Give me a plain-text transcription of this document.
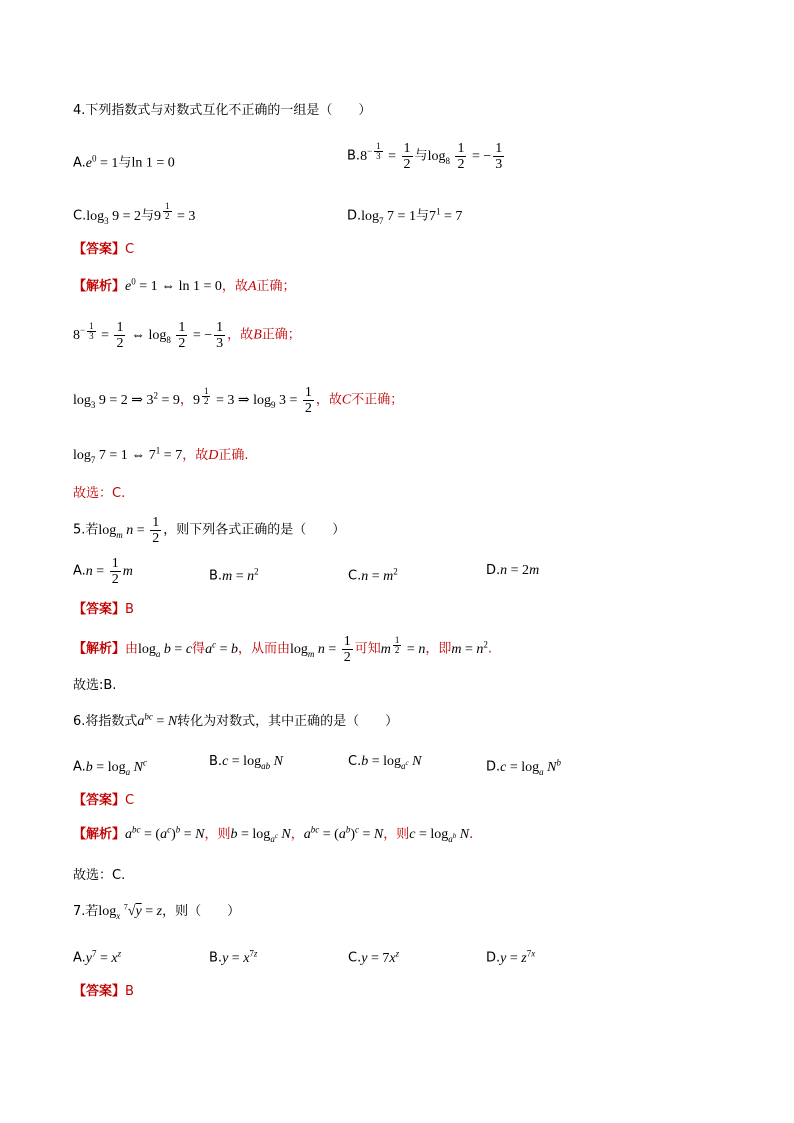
4.下列指数式与对数式互化不正确的一组是（　　）
$A.e^0 = 1$与ln 1 = 0	$B.8^{- \frac{1}{3}} = \frac{1}{2}$ 与$\log_8 \frac{1}{2}$ = − $\frac{1}{3}$
$C.\log_3$ 9 = 2与9 $^{\frac{1}{2}}$ = 3	$D.\log_7$ 7 = 1与$7^1 = 7$
【答案】C
【解析】$e^0 = 1$ ⇔ ln 1 = 0，故A正确；
$8^{- \frac{1}{3}} = \frac{1}{2}$ ⇔ $\log_8 \frac{1}{2}$ = − $\frac{1}{3}$ ，故B正确；
$\log_3 9 = 2$ ⇒ $3^2 = 9$，9 $^{\frac{1}{2}}$ = 3 ⇒ $\log_9 3 = \frac{1}{2}$ ，故C不正确；
$\log_7 7 = 1$ ⇔ $7^1 = 7$，故D正确.
故选：C.
5.若$\log_m n = \frac{1}{2}$ ，则下列各式正确的是（　　）
$A.n = \frac{1}{2}$ m	$B.m = n^2$	$C.n = m^2$	D.n = 2m
【答案】B
【解析】由$\log_a b = c$得$a^c = b$，从而由$\log_m n = \frac{1}{2}$ 可知m $^{\frac{1}{2}}$ = n，即$m = n^2$.
故选:B.
6.将指数式$a^{bc} = N$转化为对数式，其中正确的是（　　）
$A.b = \log_a N^c$	$B.c = \log_{ab} N$	$C.b = \log_{a^c} N$	$D.c = \log_a N^b$
【答案】C
【解析】$a^{bc} = (a^c)^b = N$，则$b = \log_{a^c} N$，$a^{bc} = (a^b)^c = N$，则$c = \log_{a^b} N$.
故选：C.
7.若$\log_x ^7√y = z$，则（　　）
$A.y^7 = x^z$	$B.y = x^{7z}$	$C.y = 7x^z$	$D.y = z^{7x}$
【答案】B
